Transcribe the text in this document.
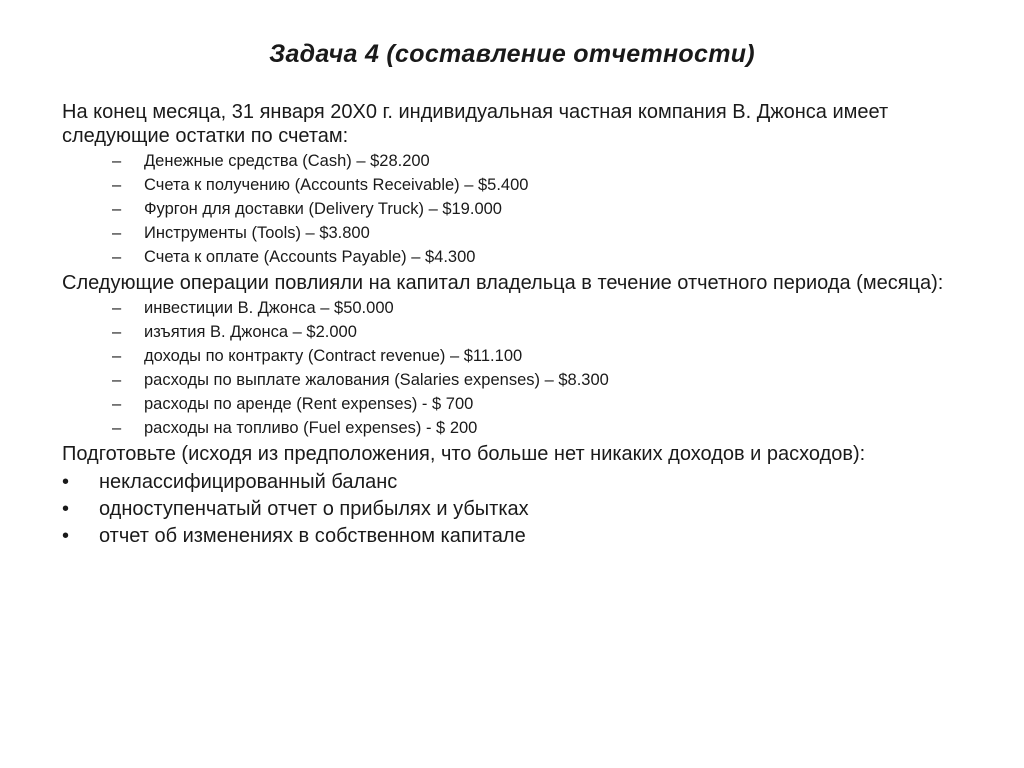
Задача 4 (составление отчетности)

На конец месяца, 31 января 20X0 г. индивидуальная частная компания В. Джонса имеет следующие остатки по счетам:

– Денежные средства (Cash) – $28.200
– Счета к получению (Accounts Receivable) – $5.400
– Фургон для доставки (Delivery Truck) – $19.000
– Инструменты (Tools) – $3.800
– Счета к оплате (Accounts Payable) – $4.300

Следующие операции повлияли на капитал владельца в течение отчетного периода (месяца):

– инвестиции В. Джонса – $50.000
– изъятия В. Джонса – $2.000
– доходы по контракту (Contract revenue) – $11.100
– расходы по выплате жалования (Salaries expenses) – $8.300
– расходы по аренде (Rent expenses) - $ 700
– расходы на топливо (Fuel expenses) - $ 200

Подготовьте (исходя из предположения, что больше нет никаких доходов и расходов):

• неклассифицированный баланс
• одноступенчатый отчет о прибылях и убытках
• отчет об изменениях в собственном капитале
